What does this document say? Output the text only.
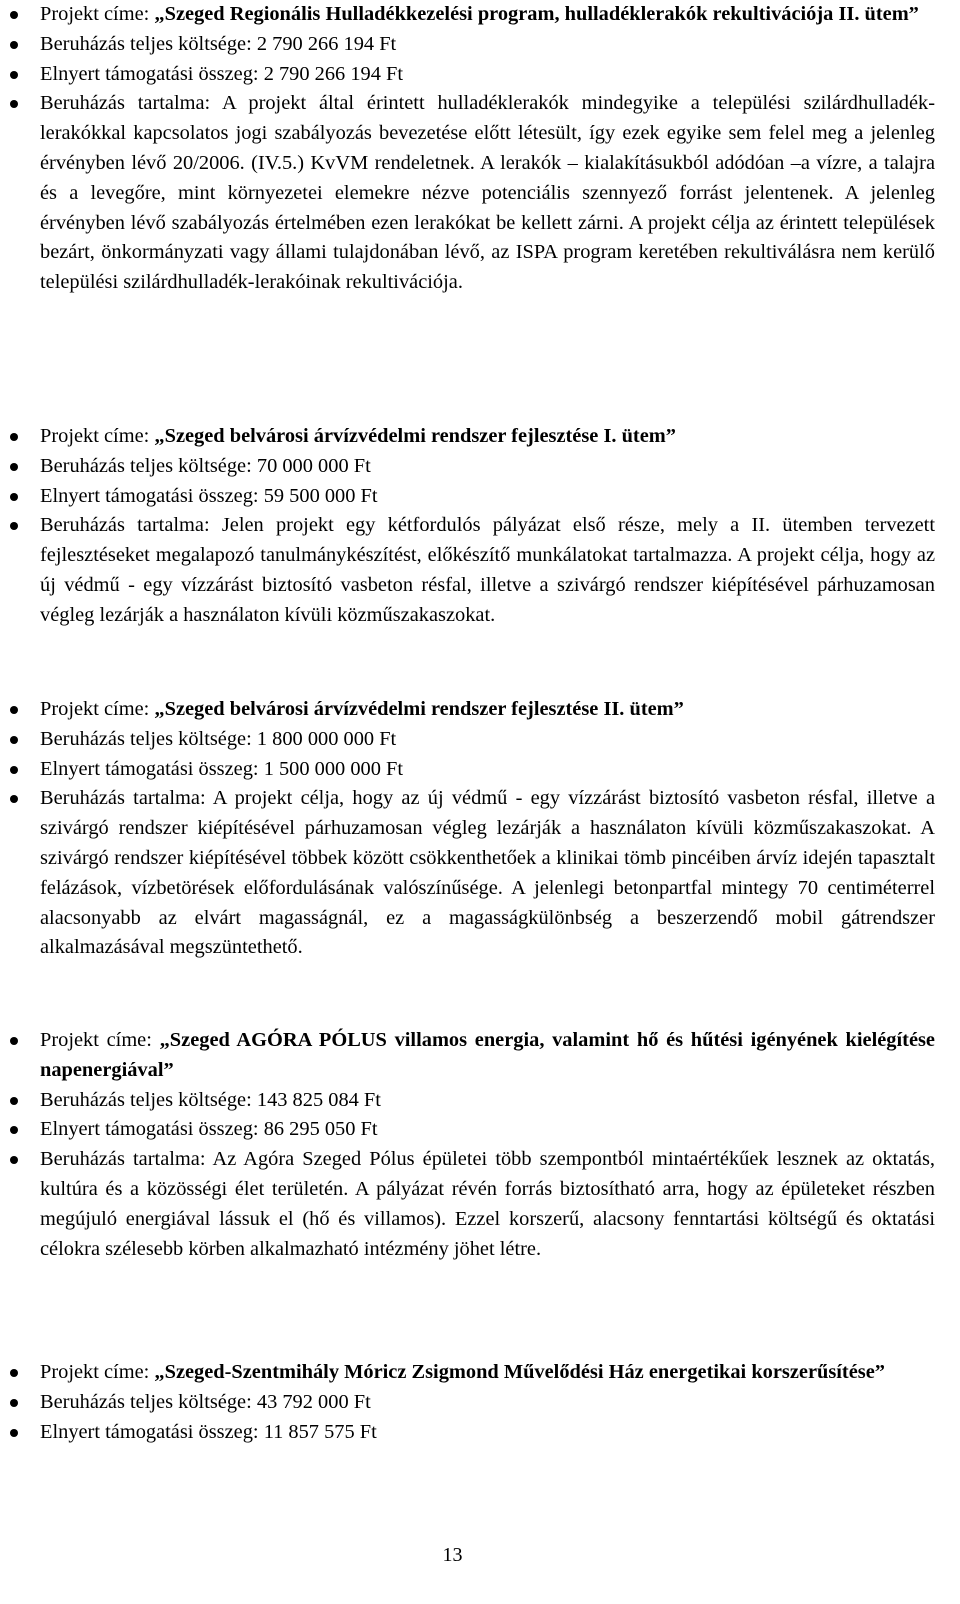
Projekt címe: „Szeged Regionális Hulladékkezelési program, hulladéklerakók rekultivációja II. ütem”
Beruházás teljes költsége: 2 790 266 194 Ft
Elnyert támogatási összeg: 2 790 266 194 Ft
Beruházás tartalma: A projekt által érintett hulladéklerakók mindegyike a települési szilárdhulladék-lerakókkal kapcsolatos jogi szabályozás bevezetése előtt létesült, így ezek egyike sem felel meg a jelenleg érvényben lévő 20/2006. (IV.5.) KvVM rendeletnek. A lerakók – kialakításukból adódóan –a vízre, a talajra és a levegőre, mint környezetei elemekre nézve potenciális szennyező forrást jelentenek. A jelenleg érvényben lévő szabályozás értelmében ezen lerakókat be kellett zárni. A projekt célja az érintett települések bezárt, önkormányzati vagy állami tulajdonában lévő, az ISPA program keretében rekultiválásra nem kerülő települési szilárdhulladék-lerakóinak rekultivációja.
Projekt címe: „Szeged belvárosi árvízvédelmi rendszer fejlesztése I. ütem”
Beruházás teljes költsége: 70 000 000 Ft
Elnyert támogatási összeg: 59 500 000 Ft
Beruházás tartalma: Jelen projekt egy kétfordulós pályázat első része, mely a II. ütemben tervezett fejlesztéseket megalapozó tanulmánykészítést, előkészítő munkálatokat tartalmazza. A projekt célja, hogy az új védmű - egy vízzárást biztosító vasbeton résfal, illetve a szivárgó rendszer kiépítésével párhuzamosan végleg lezárják a használaton kívüli közműszakaszokat.
Projekt címe: „Szeged belvárosi árvízvédelmi rendszer fejlesztése II. ütem”
Beruházás teljes költsége: 1 800 000 000 Ft
Elnyert támogatási összeg: 1 500 000 000 Ft
Beruházás tartalma: A projekt célja, hogy az új védmű - egy vízzárást biztosító vasbeton résfal, illetve a szivárgó rendszer kiépítésével párhuzamosan végleg lezárják a használaton kívüli közműszakaszokat. A szivárgó rendszer kiépítésével többek között csökkenthetőek a klinikai tömb pincéiben árvíz idején tapasztalt felázások, vízbetörések előfordulásának valószínűsége. A jelenlegi betonpartfal mintegy 70 centiméterrel alacsonyabb az elvárt magasságnál, ez a magasságkülönbség a beszerzendő mobil gátrendszer alkalmazásával megszüntethető.
Projekt címe: „Szeged AGÓRA PÓLUS villamos energia, valamint hő és hűtési igényének kielégítése napenergiával”
Beruházás teljes költsége: 143 825 084 Ft
Elnyert támogatási összeg: 86 295 050 Ft
Beruházás tartalma: Az Agóra Szeged Pólus épületei több szempontból mintaértékűek lesznek az oktatás, kultúra és a közösségi élet területén. A pályázat révén forrás biztosítható arra, hogy az épületeket részben megújuló energiával lássuk el (hő és villamos). Ezzel korszerű, alacsony fenntartási költségű és oktatási célokra szélesebb körben alkalmazható intézmény jöhet létre.
Projekt címe: „Szeged-Szentmihály Móricz Zsigmond Művelődési Ház energetikai korszerűsítése”
Beruházás teljes költsége: 43 792 000 Ft
Elnyert támogatási összeg: 11 857 575 Ft
13
